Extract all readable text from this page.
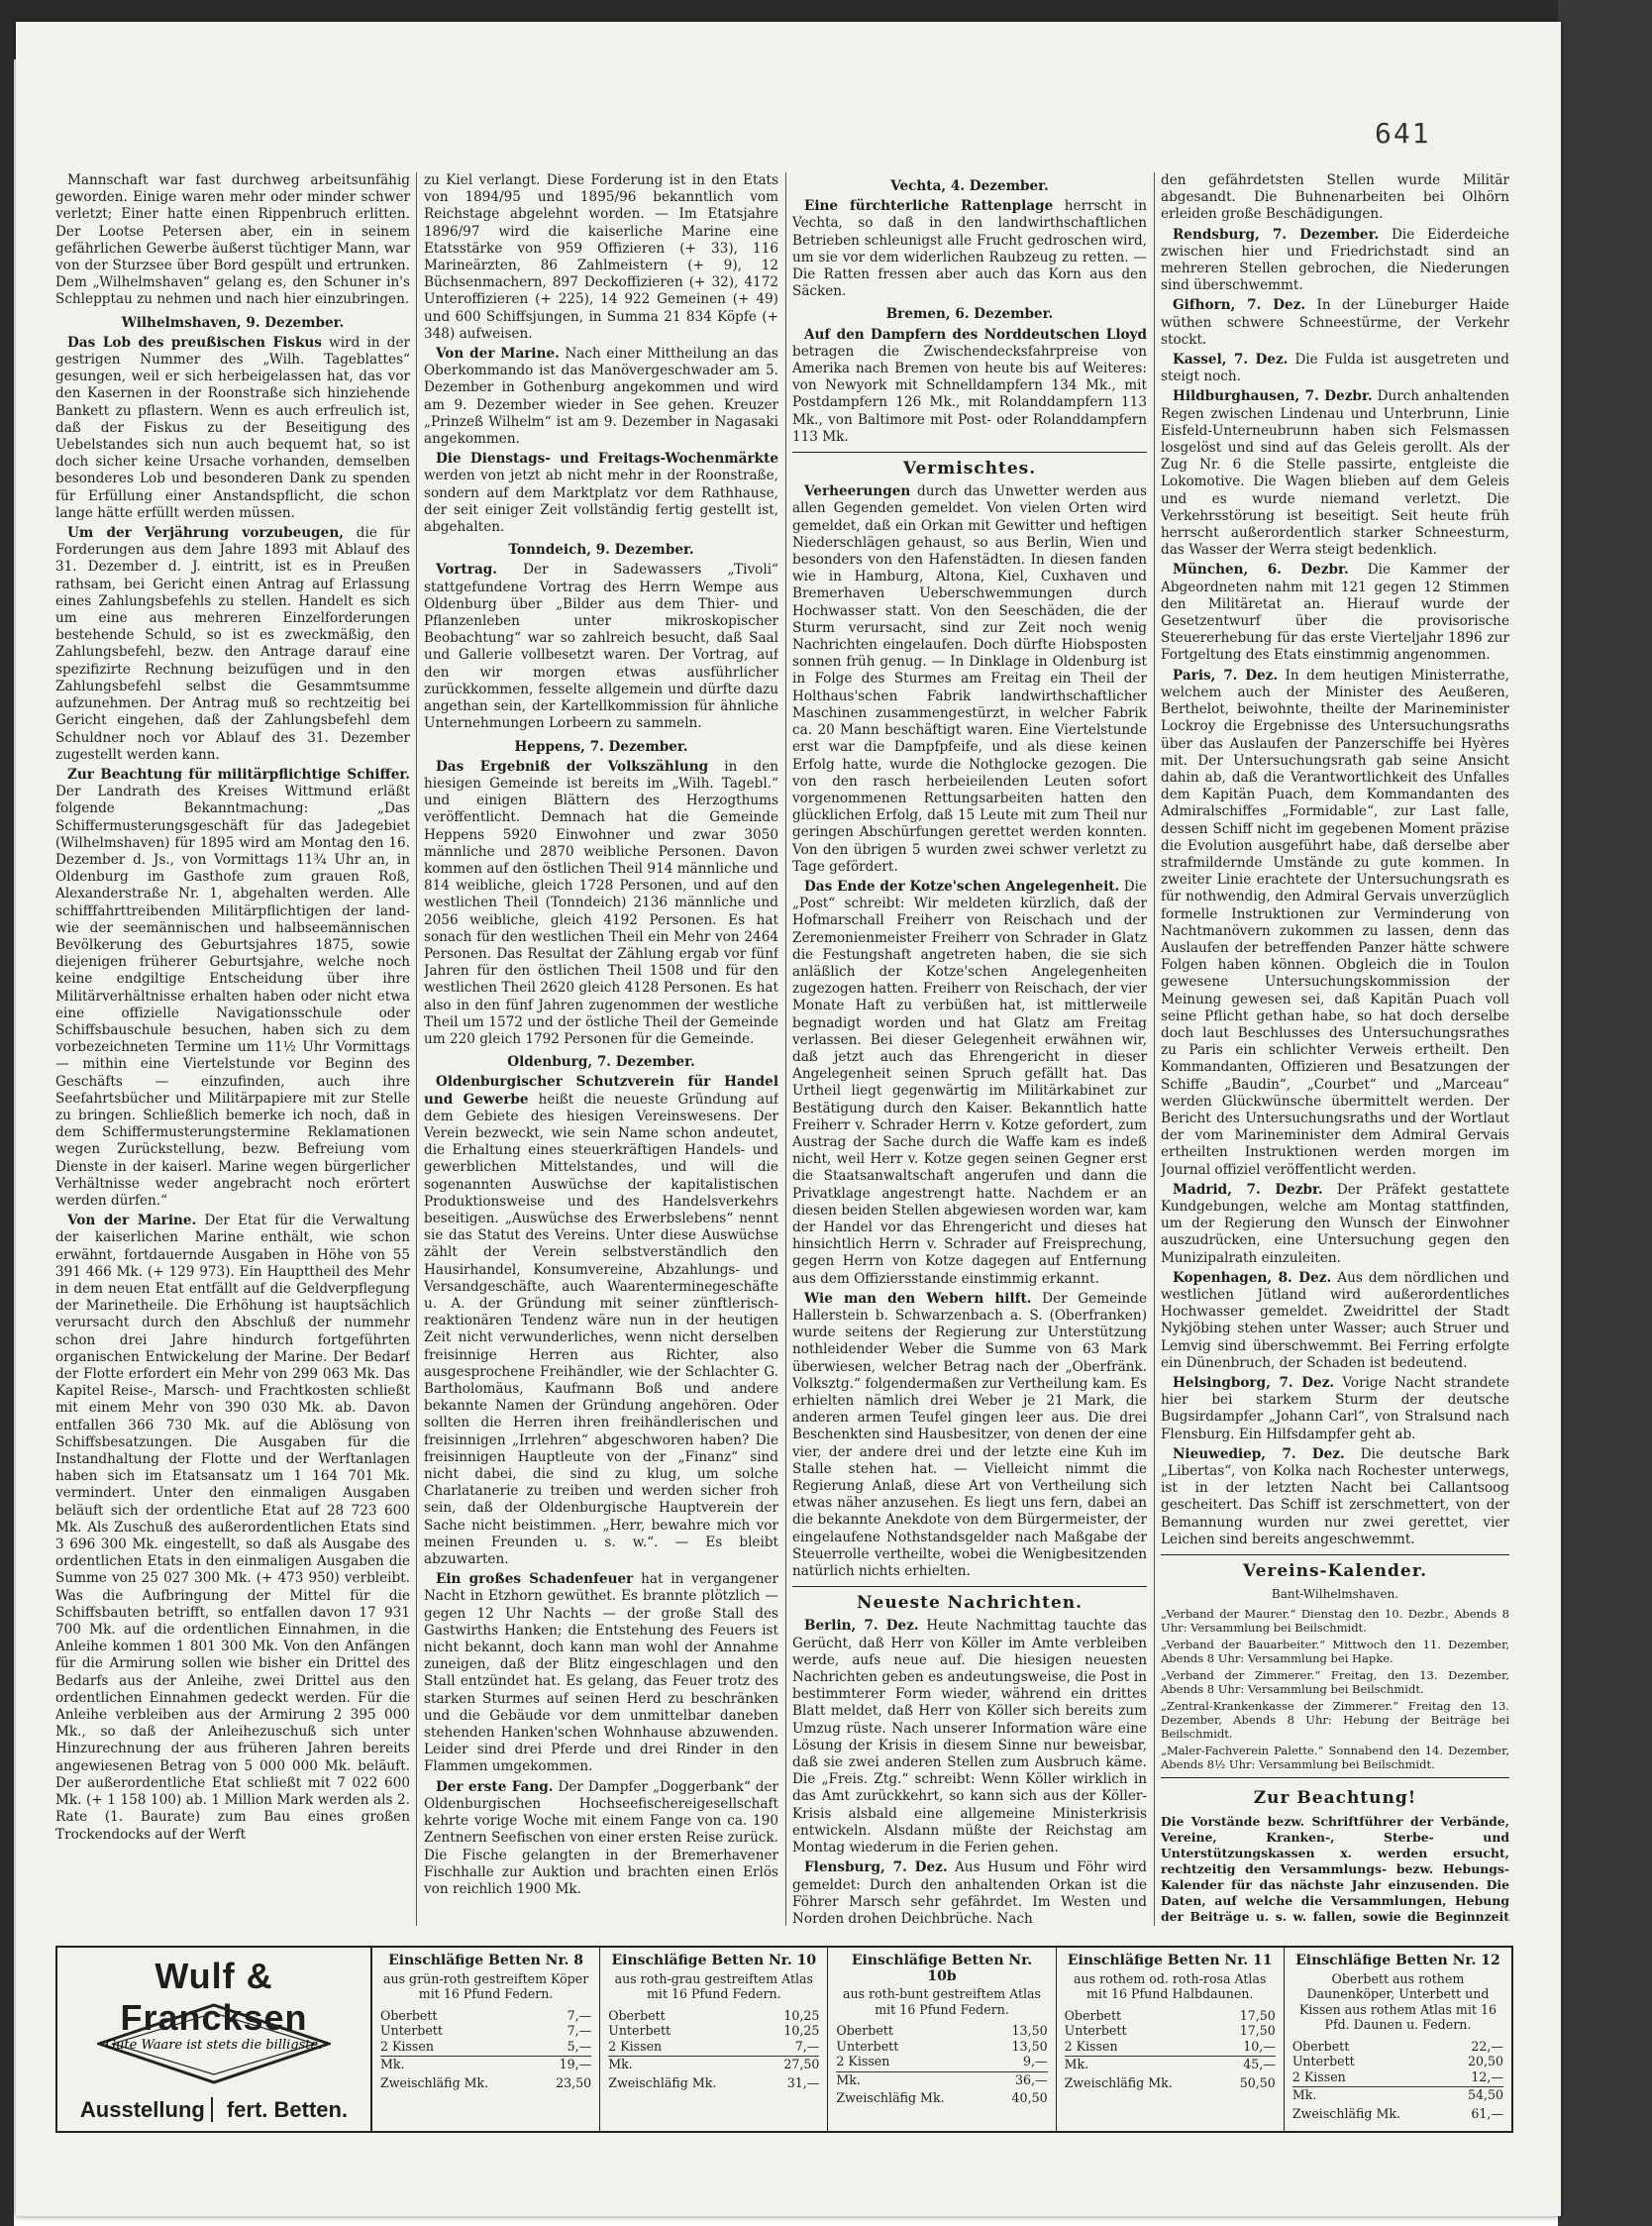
641

Mannschaft war fast durchweg arbeitsunfähig geworden. Einige waren mehr oder minder schwer verletzt; Einer hatte einen Rippenbruch erlitten. Der Lootse Petersen aber, ein in seinem gefährlichen Gewerbe äußerst tüchtiger Mann, war von der Sturzsee über Bord gespült und ertrunken. Dem „Wilhelmshaven“ gelang es, den Schuner in's Schlepptau zu nehmen und nach hier einzubringen.

Wilhelmshaven, 9. Dezember.

Das Lob des preußischen Fiskus wird in der gestrigen Nummer des „Wilh. Tageblattes“ gesungen, weil er sich herbeigelassen hat, das vor den Kasernen in der Roonstraße sich hinziehende Bankett zu pflastern. Wenn es auch erfreulich ist, daß der Fiskus zu der Beseitigung des Uebelstandes sich nun auch bequemt hat, so ist doch sicher keine Ursache vorhanden, demselben besonderes Lob und besonderen Dank zu spenden für Erfüllung einer Anstandspflicht, die schon lange hätte erfüllt werden müssen.

Um der Verjährung vorzubeugen, die für Forderungen aus dem Jahre 1893 mit Ablauf des 31. Dezember d. J. eintritt, ist es in Preußen rathsam, bei Gericht einen Antrag auf Erlassung eines Zahlungsbefehls zu stellen. Handelt es sich um eine aus mehreren Einzelforderungen bestehende Schuld, so ist es zweckmäßig, den Zahlungsbefehl, bezw. den Antrage darauf eine spezifizirte Rechnung beizufügen und in den Zahlungsbefehl selbst die Gesammtsumme aufzunehmen. Der Antrag muß so rechtzeitig bei Gericht eingehen, daß der Zahlungsbefehl dem Schuldner noch vor Ablauf des 31. Dezember zugestellt werden kann.

Zur Beachtung für militärpflichtige Schiffer. Der Landrath des Kreises Wittmund erläßt folgende Bekanntmachung: „Das Schiffermusterungsgeschäft für das Jadegebiet (Wilhelmshaven) für 1895 wird am Montag den 16. Dezember d. Js., von Vormittags 11¾ Uhr an, in Oldenburg im Gasthofe zum grauen Roß, Alexanderstraße Nr. 1, abgehalten werden. Alle schifffahrttreibenden Militärpflichtigen der land- wie der seemännischen und halbseemännischen Bevölkerung des Geburtsjahres 1875, sowie diejenigen früherer Geburtsjahre, welche noch keine endgiltige Entscheidung über ihre Militärverhältnisse erhalten haben oder nicht etwa eine offizielle Navigationsschule oder Schiffsbauschule besuchen, haben sich zu dem vorbezeichneten Termine um 11½ Uhr Vormittags — mithin eine Viertelstunde vor Beginn des Geschäfts — einzufinden, auch ihre Seefahrtsbücher und Militärpapiere mit zur Stelle zu bringen. Schließlich bemerke ich noch, daß in dem Schiffermusterungstermine Reklamationen wegen Zurückstellung, bezw. Befreiung vom Dienste in der kaiserl. Marine wegen bürgerlicher Verhältnisse weder angebracht noch erörtert werden dürfen.“

Von der Marine. Der Etat für die Verwaltung der kaiserlichen Marine enthält, wie schon erwähnt, fortdauernde Ausgaben in Höhe von 55 391 466 Mk. (+ 129 973). Ein Haupttheil des Mehr in dem neuen Etat entfällt auf die Geldverpflegung der Marinetheile. Die Erhöhung ist hauptsächlich verursacht durch den Abschluß der nummehr schon drei Jahre hindurch fortgeführten organischen Entwickelung der Marine. Der Bedarf der Flotte erfordert ein Mehr von 299 063 Mk. Das Kapitel Reise-, Marsch- und Frachtkosten schließt mit einem Mehr von 390 030 Mk. ab. Davon entfallen 366 730 Mk. auf die Ablösung von Schiffsbesatzungen. Die Ausgaben für die Instandhaltung der Flotte und der Werftanlagen haben sich im Etatsansatz um 1 164 701 Mk. vermindert. Unter den einmaligen Ausgaben beläuft sich der ordentliche Etat auf 28 723 600 Mk. Als Zuschuß des außerordentlichen Etats sind 3 696 300 Mk. eingestellt, so daß als Ausgabe des ordentlichen Etats in den einmaligen Ausgaben die Summe von 25 027 300 Mk. (+ 473 950) verbleibt. Was die Aufbringung der Mittel für die Schiffsbauten betrifft, so entfallen davon 17 931 700 Mk. auf die ordentlichen Einnahmen, in die Anleihe kommen 1 801 300 Mk. Von den Anfängen für die Armirung sollen wie bisher ein Drittel des Bedarfs aus der Anleihe, zwei Drittel aus den ordentlichen Einnahmen gedeckt werden. Für die Anleihe verbleiben aus der Armirung 2 395 000 Mk., so daß der Anleihezuschuß sich unter Hinzurechnung der aus früheren Jahren bereits angewiesenen Betrag von 5 000 000 Mk. beläuft. Der außerordentliche Etat schließt mit 7 022 600 Mk. (+ 1 158 100) ab. 1 Million Mark werden als 2. Rate (1. Baurate) zum Bau eines großen Trockendocks auf der Werft

zu Kiel verlangt. Diese Forderung ist in den Etats von 1894/95 und 1895/96 bekanntlich vom Reichstage abgelehnt worden. — Im Etatsjahre 1896/97 wird die kaiserliche Marine eine Etatsstärke von 959 Offizieren (+ 33), 116 Marineärzten, 86 Zahlmeistern (+ 9), 12 Büchsenmachern, 897 Deckoffizieren (+ 32), 4172 Unteroffizieren (+ 225), 14 922 Gemeinen (+ 49) und 600 Schiffsjungen, in Summa 21 834 Köpfe (+ 348) aufweisen.

Von der Marine. Nach einer Mittheilung an das Oberkommando ist das Manövergeschwader am 5. Dezember in Gothenburg angekommen und wird am 9. Dezember wieder in See gehen. Kreuzer „Prinzeß Wilhelm“ ist am 9. Dezember in Nagasaki angekommen.

Die Dienstags- und Freitags-Wochenmärkte werden von jetzt ab nicht mehr in der Roonstraße, sondern auf dem Marktplatz vor dem Rathhause, der seit einiger Zeit vollständig fertig gestellt ist, abgehalten.

Tonndeich, 9. Dezember.

Vortrag. Der in Sadewassers „Tivoli“ stattgefundene Vortrag des Herrn Wempe aus Oldenburg über „Bilder aus dem Thier- und Pflanzenleben unter mikroskopischer Beobachtung“ war so zahlreich besucht, daß Saal und Gallerie vollbesetzt waren. Der Vortrag, auf den wir morgen etwas ausführlicher zurückkommen, fesselte allgemein und dürfte dazu angethan sein, der Kartellkommission für ähnliche Unternehmungen Lorbeern zu sammeln.

Heppens, 7. Dezember.

Das Ergebniß der Volkszählung in den hiesigen Gemeinde ist bereits im „Wilh. Tagebl.“ und einigen Blättern des Herzogthums veröffentlicht. Demnach hat die Gemeinde Heppens 5920 Einwohner und zwar 3050 männliche und 2870 weibliche Personen. Davon kommen auf den östlichen Theil 914 männliche und 814 weibliche, gleich 1728 Personen, und auf den westlichen Theil (Tonndeich) 2136 männliche und 2056 weibliche, gleich 4192 Personen. Es hat sonach für den westlichen Theil ein Mehr von 2464 Personen. Das Resultat der Zählung ergab vor fünf Jahren für den östlichen Theil 1508 und für den westlichen Theil 2620 gleich 4128 Personen. Es hat also in den fünf Jahren zugenommen der westliche Theil um 1572 und der östliche Theil der Gemeinde um 220 gleich 1792 Personen für die Gemeinde.

Oldenburg, 7. Dezember.

Oldenburgischer Schutzverein für Handel und Gewerbe heißt die neueste Gründung auf dem Gebiete des hiesigen Vereinswesens. Der Verein bezweckt, wie sein Name schon andeutet, die Erhaltung eines steuerkräftigen Handels- und gewerblichen Mittelstandes, und will die sogenannten Auswüchse der kapitalistischen Produktionsweise und des Handelsverkehrs beseitigen. „Auswüchse des Erwerbslebens“ nennt sie das Statut des Vereins. Unter diese Auswüchse zählt der Verein selbstverständlich den Hausirhandel, Konsumvereine, Abzahlungs- und Versandgeschäfte, auch Waarenterminegeschäfte u. A. der Gründung mit seiner zünftlerisch-reaktionären Tendenz wäre nun in der heutigen Zeit nicht verwunderliches, wenn nicht derselben freisinnige Herren aus Richter, also ausgesprochene Freihändler, wie der Schlachter G. Bartholomäus, Kaufmann Boß und andere bekannte Namen der Gründung angehören. Oder sollten die Herren ihren freihändlerischen und freisinnigen „Irrlehren“ abgeschworen haben? Die freisinnigen Hauptleute von der „Finanz“ sind nicht dabei, die sind zu klug, um solche Charlatanerie zu treiben und werden sicher froh sein, daß der Oldenburgische Hauptverein der Sache nicht beistimmen. „Herr, bewahre mich vor meinen Freunden u. s. w.“. — Es bleibt abzuwarten.

Ein großes Schadenfeuer hat in vergangener Nacht in Etzhorn gewüthet. Es brannte plötzlich — gegen 12 Uhr Nachts — der große Stall des Gastwirths Hanken; die Entstehung des Feuers ist nicht bekannt, doch kann man wohl der Annahme zuneigen, daß der Blitz eingeschlagen und den Stall entzündet hat. Es gelang, das Feuer trotz des starken Sturmes auf seinen Herd zu beschränken und die Gebäude vor dem unmittelbar daneben stehenden Hanken'schen Wohnhause abzuwenden. Leider sind drei Pferde und drei Rinder in den Flammen umgekommen.

Der erste Fang. Der Dampfer „Doggerbank“ der Oldenburgischen Hochseefischereigesellschaft kehrte vorige Woche mit einem Fange von ca. 190 Zentnern Seefischen von einer ersten Reise zurück. Die Fische gelangten in der Bremerhavener Fischhalle zur Auktion und brachten einen Erlös von reichlich 1900 Mk.

Vechta, 4. Dezember.

Eine fürchterliche Rattenplage herrscht in Vechta, so daß in den landwirthschaftlichen Betrieben schleunigst alle Frucht gedroschen wird, um sie vor dem widerlichen Raubzeug zu retten. — Die Ratten fressen aber auch das Korn aus den Säcken.

Bremen, 6. Dezember.

Auf den Dampfern des Norddeutschen Lloyd betragen die Zwischendecksfahrpreise von Amerika nach Bremen von heute bis auf Weiteres: von Newyork mit Schnelldampfern 134 Mk., mit Postdampfern 126 Mk., mit Rolanddampfern 113 Mk., von Baltimore mit Post- oder Rolanddampfern 113 Mk.

Vermischtes.

Verheerungen durch das Unwetter werden aus allen Gegenden gemeldet. Von vielen Orten wird gemeldet, daß ein Orkan mit Gewitter und heftigen Niederschlägen gehaust, so aus Berlin, Wien und besonders von den Hafenstädten. In diesen fanden wie in Hamburg, Altona, Kiel, Cuxhaven und Bremerhaven Ueberschwemmungen durch Hochwasser statt. Von den Seeschäden, die der Sturm verursacht, sind zur Zeit noch wenig Nachrichten eingelaufen. Doch dürfte Hiobsposten sonnen früh genug. — In Dinklage in Oldenburg ist in Folge des Sturmes am Freitag ein Theil der Holthaus'schen Fabrik landwirthschaftlicher Maschinen zusammengestürzt, in welcher Fabrik ca. 20 Mann beschäftigt waren. Eine Viertelstunde erst war die Dampfpfeife, und als diese keinen Erfolg hatte, wurde die Nothglocke gezogen. Die von den rasch herbeieilenden Leuten sofort vorgenommenen Rettungsarbeiten hatten den glücklichen Erfolg, daß 15 Leute mit zum Theil nur geringen Abschürfungen gerettet werden konnten. Von den übrigen 5 wurden zwei schwer verletzt zu Tage gefördert.

Das Ende der Kotze'schen Angelegenheit. Die „Post“ schreibt: Wir meldeten kürzlich, daß der Hofmarschall Freiherr von Reischach und der Zeremonienmeister Freiherr von Schrader in Glatz die Festungshaft angetreten haben, die sie sich anläßlich der Kotze'schen Angelegenheiten zugezogen hatten. Freiherr von Reischach, der vier Monate Haft zu verbüßen hat, ist mittlerweile begnadigt worden und hat Glatz am Freitag verlassen. Bei dieser Gelegenheit erwähnen wir, daß jetzt auch das Ehrengericht in dieser Angelegenheit seinen Spruch gefällt hat. Das Urtheil liegt gegenwärtig im Militärkabinet zur Bestätigung durch den Kaiser. Bekanntlich hatte Freiherr v. Schrader Herrn v. Kotze gefordert, zum Austrag der Sache durch die Waffe kam es indeß nicht, weil Herr v. Kotze gegen seinen Gegner erst die Staatsanwaltschaft angerufen und dann die Privatklage angestrengt hatte. Nachdem er an diesen beiden Stellen abgewiesen worden war, kam der Handel vor das Ehrengericht und dieses hat hinsichtlich Herrn v. Schrader auf Freisprechung, gegen Herrn von Kotze dagegen auf Entfernung aus dem Offiziersstande einstimmig erkannt.

Wie man den Webern hilft. Der Gemeinde Hallerstein b. Schwarzenbach a. S. (Oberfranken) wurde seitens der Regierung zur Unterstützung nothleidender Weber die Summe von 63 Mark überwiesen, welcher Betrag nach der „Oberfränk. Volksztg.“ folgendermaßen zur Vertheilung kam. Es erhielten nämlich drei Weber je 21 Mark, die anderen armen Teufel gingen leer aus. Die drei Beschenkten sind Hausbesitzer, von denen der eine vier, der andere drei und der letzte eine Kuh im Stalle stehen hat. — Vielleicht nimmt die Regierung Anlaß, diese Art von Vertheilung sich etwas näher anzusehen. Es liegt uns fern, dabei an die bekannte Anekdote von dem Bürgermeister, der eingelaufene Nothstandsgelder nach Maßgabe der Steuerrolle vertheilte, wobei die Wenigbesitzenden natürlich nichts erhielten.

Neueste Nachrichten.

Berlin, 7. Dez. Heute Nachmittag tauchte das Gerücht, daß Herr von Köller im Amte verbleiben werde, aufs neue auf. Die hiesigen neuesten Nachrichten geben es andeutungsweise, die Post in bestimmterer Form wieder, während ein drittes Blatt meldet, daß Herr von Köller sich bereits zum Umzug rüste. Nach unserer Information wäre eine Lösung der Krisis in diesem Sinne nur beweisbar, daß sie zwei anderen Stellen zum Ausbruch käme. Die „Freis. Ztg.“ schreibt: Wenn Köller wirklich in das Amt zurückkehrt, so kann sich aus der Köller-Krisis alsbald eine allgemeine Ministerkrisis entwickeln. Alsdann müßte der Reichstag am Montag wiederum in die Ferien gehen.

Flensburg, 7. Dez. Aus Husum und Föhr wird gemeldet: Durch den anhaltenden Orkan ist die Föhrer Marsch sehr gefährdet. Im Westen und Norden drohen Deichbrüche. Nach

den gefährdetsten Stellen wurde Militär abgesandt. Die Buhnenarbeiten bei Olhörn erleiden große Beschädigungen.

Rendsburg, 7. Dezember. Die Eiderdeiche zwischen hier und Friedrichstadt sind an mehreren Stellen gebrochen, die Niederungen sind überschwemmt.

Gifhorn, 7. Dez. In der Lüneburger Haide wüthen schwere Schneestürme, der Verkehr stockt.

Kassel, 7. Dez. Die Fulda ist ausgetreten und steigt noch.

Hildburghausen, 7. Dezbr. Durch anhaltenden Regen zwischen Lindenau und Unterbrunn, Linie Eisfeld-Unterneubrunn haben sich Felsmassen losgelöst und sind auf das Geleis gerollt. Als der Zug Nr. 6 die Stelle passirte, entgleiste die Lokomotive. Die Wagen blieben auf dem Geleis und es wurde niemand verletzt. Die Verkehrsstörung ist beseitigt. Seit heute früh herrscht außerordentlich starker Schneesturm, das Wasser der Werra steigt bedenklich.

München, 6. Dezbr. Die Kammer der Abgeordneten nahm mit 121 gegen 12 Stimmen den Militäretat an. Hierauf wurde der Gesetzentwurf über die provisorische Steuererhebung für das erste Vierteljahr 1896 zur Fortgeltung des Etats einstimmig angenommen.

Paris, 7. Dez. In dem heutigen Ministerrathe, welchem auch der Minister des Aeußeren, Berthelot, beiwohnte, theilte der Marineminister Lockroy die Ergebnisse des Untersuchungsraths über das Auslaufen der Panzerschiffe bei Hyères mit. Der Untersuchungsrath gab seine Ansicht dahin ab, daß die Verantwortlichkeit des Unfalles dem Kapitän Puach, dem Kommandanten des Admiralschiffes „Formidable“, zur Last falle, dessen Schiff nicht im gegebenen Moment präzise die Evolution ausgeführt habe, daß derselbe aber strafmildernde Umstände zu gute kommen. In zweiter Linie erachtete der Untersuchungsrath es für nothwendig, den Admiral Gervais unverzüglich formelle Instruktionen zur Verminderung von Nachtmanövern zukommen zu lassen, denn das Auslaufen der betreffenden Panzer hätte schwere Folgen haben können. Obgleich die in Toulon gewesene Untersuchungskommission der Meinung gewesen sei, daß Kapitän Puach voll seine Pflicht gethan habe, so hat doch derselbe doch laut Beschlusses des Untersuchungsrathes zu Paris ein schlichter Verweis ertheilt. Den Kommandanten, Offizieren und Besatzungen der Schiffe „Baudin“, „Courbet“ und „Marceau“ werden Glückwünsche übermittelt werden. Der Bericht des Untersuchungsraths und der Wortlaut der vom Marineminister dem Admiral Gervais ertheilten Instruktionen werden morgen im Journal offiziel veröffentlicht werden.

Madrid, 7. Dezbr. Der Präfekt gestattete Kundgebungen, welche am Montag stattfinden, um der Regierung den Wunsch der Einwohner auszudrücken, eine Untersuchung gegen den Munizipalrath einzuleiten.

Kopenhagen, 8. Dez. Aus dem nördlichen und westlichen Jütland wird außerordentliches Hochwasser gemeldet. Zweidrittel der Stadt Nykjöbing stehen unter Wasser; auch Struer und Lemvig sind überschwemmt. Bei Ferring erfolgte ein Dünenbruch, der Schaden ist bedeutend.

Helsingborg, 7. Dez. Vorige Nacht strandete hier bei starkem Sturm der deutsche Bugsirdampfer „Johann Carl“, von Stralsund nach Flensburg. Ein Hilfsdampfer geht ab.

Nieuwediep, 7. Dez. Die deutsche Bark „Libertas“, von Kolka nach Rochester unterwegs, ist in der letzten Nacht bei Callantsoog gescheitert. Das Schiff ist zerschmettert, von der Bemannung wurden nur zwei gerettet, vier Leichen sind bereits angeschwemmt.

Vereins-Kalender.

Bant-Wilhelmshaven.

„Verband der Maurer.“ Dienstag den 10. Dezbr., Abends 8 Uhr: Versammlung bei Beilschmidt.

„Verband der Bauarbeiter.“ Mittwoch den 11. Dezember, Abends 8 Uhr: Versammlung bei Hapke.

„Verband der Zimmerer.“ Freitag, den 13. Dezember, Abends 8 Uhr: Versammlung bei Beilschmidt.

„Zentral-Krankenkasse der Zimmerer.“ Freitag den 13. Dezember, Abends 8 Uhr: Hebung der Beiträge bei Beilschmidt.

„Maler-Fachverein Palette.“ Sonnabend den 14. Dezember, Abends 8½ Uhr: Versammlung bei Beilschmidt.

Zur Beachtung!

Die Vorstände bezw. Schriftführer der Verbände, Vereine, Kranken-, Sterbe- und Unterstützungskassen x. werden ersucht, rechtzeitig den Versammlungs- bezw. Hebungs-Kalender für das nächste Jahr einzusenden. Die Daten, auf welche die Versammlungen, Hebung der Beiträge u. s. w. fallen, sowie die Beginnzeit

Wulf & Francksen
Gute Waare ist stets die billigste.
Ausstellung fert. Betten.
Einschläfige Betten Nr. 8
aus grün-roth gestreiftem Köper mit 16 Pfund Federn.
Oberbett	7,—
Unterbett	7,—
2 Kissen	5,—
Mk.	19,—
Zweischläfig Mk.	23,50
Einschläfige Betten Nr. 10
aus roth-grau gestreiftem Atlas mit 16 Pfund Federn.
Oberbett	10,25
Unterbett	10,25
2 Kissen	7,—
Mk.	27,50
Zweischläfig Mk.	31,—
Einschläfige Betten Nr. 10b
aus roth-bunt gestreiftem Atlas mit 16 Pfund Federn.
Oberbett	13,50
Unterbett	13,50
2 Kissen	9,—
Mk.	36,—
Zweischläfig Mk.	40,50
Einschläfige Betten Nr. 11
aus rothem od. roth-rosa Atlas mit 16 Pfund Halbdaunen.
Oberbett	17,50
Unterbett	17,50
2 Kissen	10,—
Mk.	45,—
Zweischläfig Mk.	50,50
Einschläfige Betten Nr. 12
Oberbett aus rothem Daunenköper, Unterbett und Kissen aus rothem Atlas mit 16 Pfd. Daunen u. Federn.
Oberbett	22,—
Unterbett	20,50
2 Kissen	12,—
Mk.	54,50
Zweischläfig Mk.	61,—
